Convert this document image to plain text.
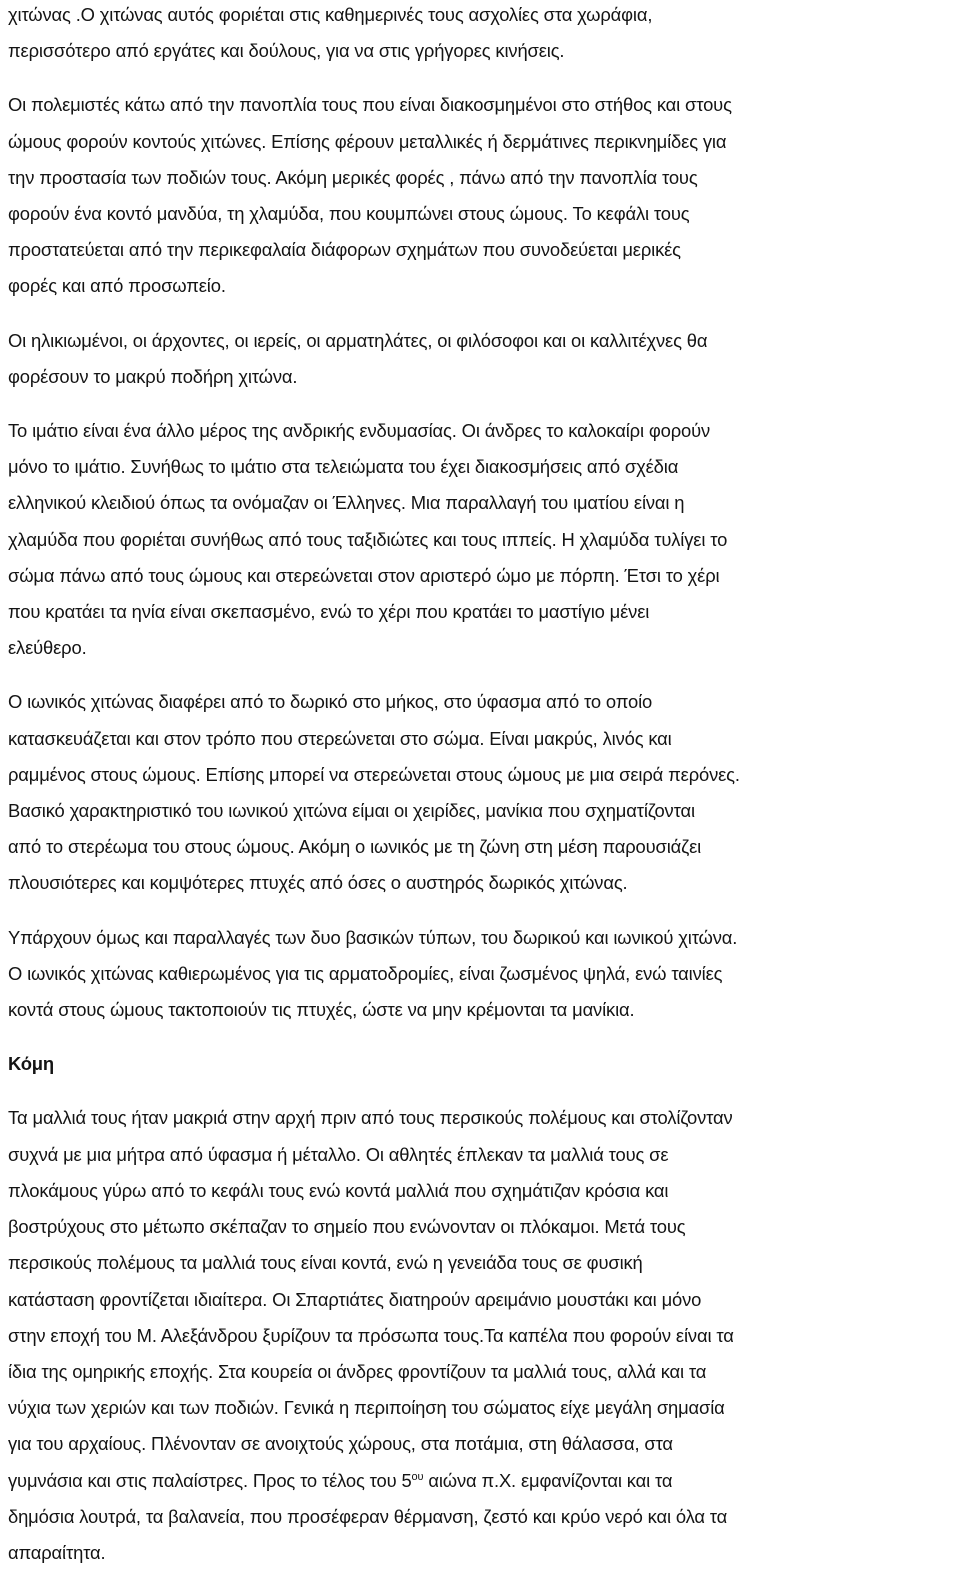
χιτώνας .Ο χιτώνας αυτός φοριέται στις καθημερινές τους ασχολίες στα χωράφια,
περισσότερο από εργάτες και δούλους, για να στις γρήγορες κινήσεις.

Οι πολεμιστές κάτω από την πανοπλία τους που είναι διακοσμημένοι στο στήθος και στους
ώμους φορούν κοντούς χιτώνες. Επίσης φέρουν μεταλλικές ή δερμάτινες περικνημίδες για
την προστασία των ποδιών τους. Ακόμη μερικές φορές , πάνω από την πανοπλία τους
φορούν ένα κοντό μανδύα, τη χλαμύδα, που κουμπώνει στους ώμους. Το κεφάλι τους
προστατεύεται από την περικεφαλαία διάφορων σχημάτων που συνοδεύεται μερικές
φορές και από προσωπείο.

Οι ηλικιωμένοι, οι άρχοντες, οι ιερείς, οι αρματηλάτες, οι φιλόσοφοι και οι καλλιτέχνες θα
φορέσουν το μακρύ ποδήρη χιτώνα.

Το ιμάτιο είναι ένα άλλο μέρος της ανδρικής ενδυμασίας. Οι άνδρες το καλοκαίρι φορούν
μόνο το ιμάτιο. Συνήθως το ιμάτιο στα τελειώματα του έχει διακοσμήσεις από σχέδια
ελληνικού κλειδιού όπως τα ονόμαζαν οι Έλληνες. Μια παραλλαγή του ιματίου είναι η
χλαμύδα που φοριέται συνήθως από τους ταξιδιώτες και τους ιππείς. Η χλαμύδα τυλίγει το
σώμα πάνω από τους ώμους και στερεώνεται στον αριστερό ώμο με πόρπη. Έτσι το χέρι
που κρατάει τα ηνία είναι σκεπασμένο, ενώ το χέρι που κρατάει το μαστίγιο μένει
ελεύθερο.

Ο ιωνικός χιτώνας διαφέρει από το δωρικό στο μήκος, στο ύφασμα από το οποίο
κατασκευάζεται και στον τρόπο που στερεώνεται στο σώμα. Είναι μακρύς, λινός και
ραμμένος στους ώμους. Επίσης μπορεί να στερεώνεται στους ώμους με μια σειρά περόνες.
Βασικό χαρακτηριστικό του ιωνικού χιτώνα είμαι οι χειρίδες, μανίκια που σχηματίζονται
από το στερέωμα του στους ώμους. Ακόμη ο ιωνικός με τη ζώνη στη μέση παρουσιάζει
πλουσιότερες και κομψότερες πτυχές από όσες ο αυστηρός δωρικός χιτώνας.

Υπάρχουν όμως και παραλλαγές των δυο βασικών τύπων, του δωρικού και ιωνικού χιτώνα.
Ο ιωνικός χιτώνας καθιερωμένος για τις αρματοδρομίες, είναι ζωσμένος ψηλά, ενώ ταινίες
κοντά στους ώμους τακτοποιούν τις πτυχές, ώστε να μην κρέμονται τα μανίκια.

Κόμη

Τα μαλλιά τους ήταν μακριά στην αρχή πριν από τους περσικούς πολέμους και στολίζονταν
συχνά με μια μήτρα από ύφασμα ή μέταλλο. Οι αθλητές έπλεκαν τα μαλλιά τους σε
πλοκάμους γύρω από το κεφάλι τους ενώ κοντά μαλλιά που σχημάτιζαν κρόσια και
βοστρύχους στο μέτωπο σκέπαζαν το σημείο που ενώνονταν οι πλόκαμοι. Μετά τους
περσικούς πολέμους τα μαλλιά τους είναι κοντά, ενώ η γενειάδα τους σε φυσική
κατάσταση φροντίζεται ιδιαίτερα. Οι Σπαρτιάτες διατηρούν αρειμάνιο μουστάκι και μόνο
στην εποχή του Μ. Αλεξάνδρου ξυρίζουν τα πρόσωπα τους.Τα καπέλα που φορούν είναι τα
ίδια της ομηρικής εποχής. Στα κουρεία οι άνδρες φροντίζουν τα μαλλιά τους, αλλά και τα
νύχια των χεριών και των ποδιών. Γενικά η περιποίηση του σώματος είχε μεγάλη σημασία
για του αρχαίους. Πλένονταν σε ανοιχτούς χώρους, στα ποτάμια, στη θάλασσα, στα
γυμνάσια και στις παλαίστρες. Προς το τέλος του $5^{o\upsilon}$ αιώνα π.Χ. εμφανίζονται και τα
δημόσια λουτρά, τα βαλανεία, που προσέφεραν θέρμανση, ζεστό και κρύο νερό και όλα τα
απαραίτητα.
